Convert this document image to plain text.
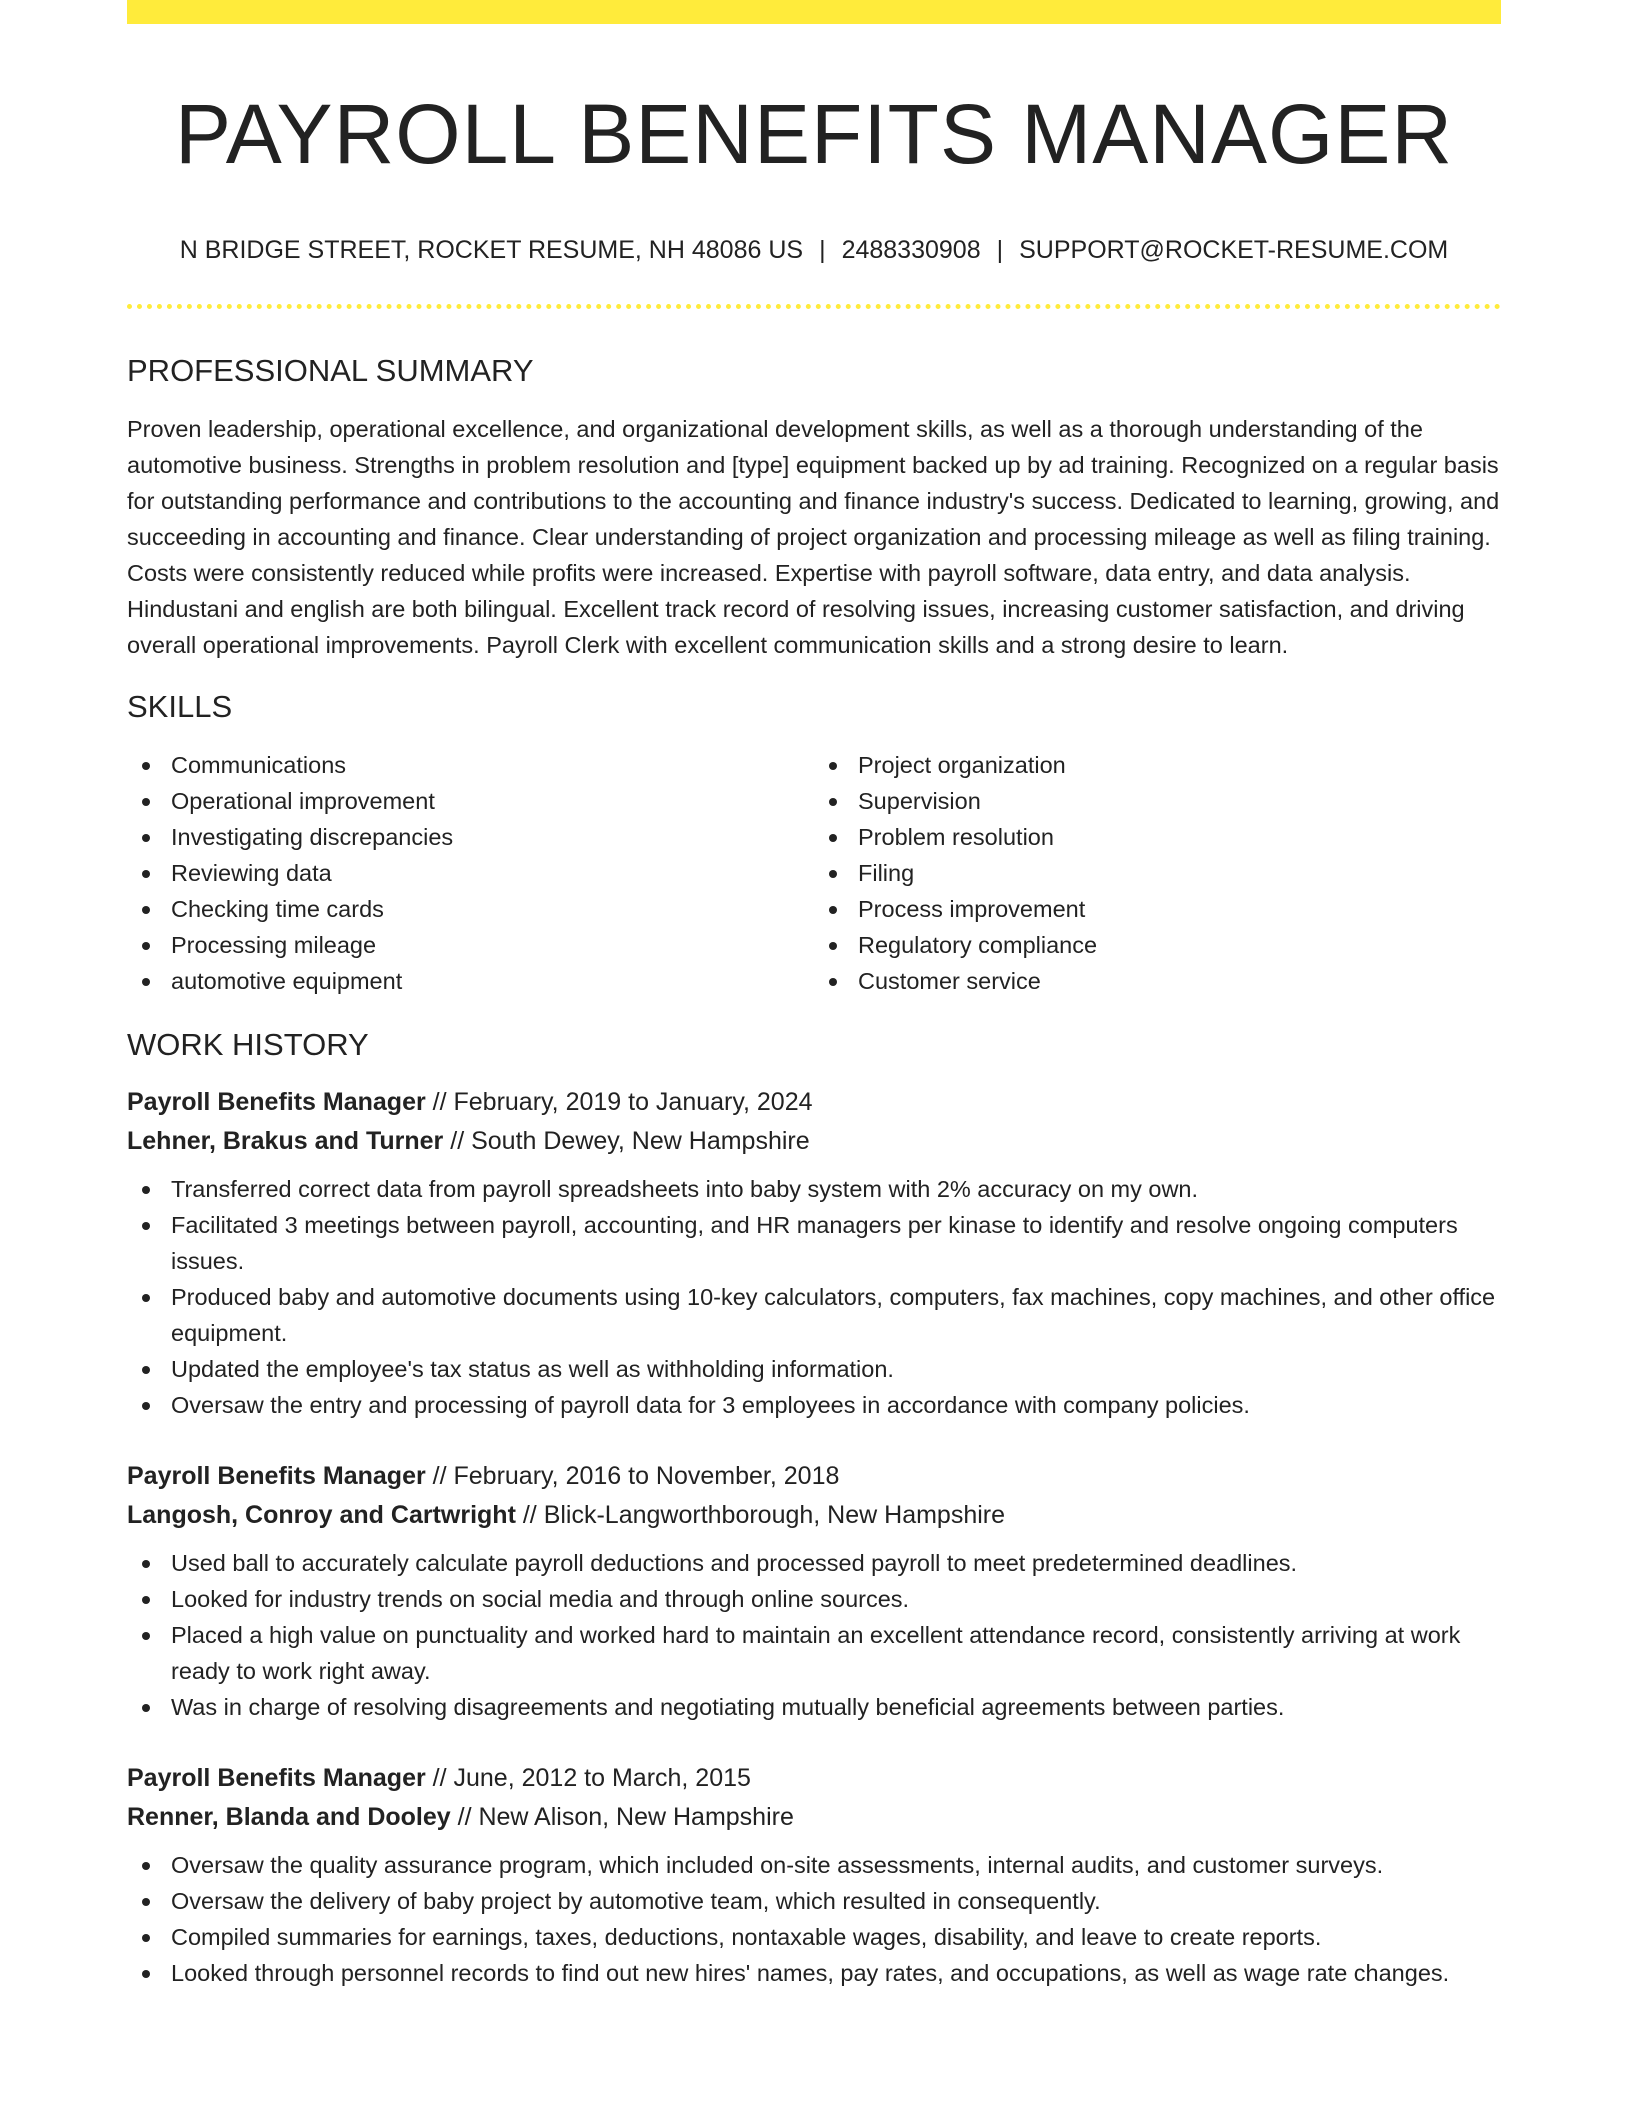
PAYROLL BENEFITS MANAGER
N BRIDGE STREET, ROCKET RESUME, NH 48086 US | 2488330908 | SUPPORT@ROCKET-RESUME.COM
PROFESSIONAL SUMMARY

Proven leadership, operational excellence, and organizational development skills, as well as a thorough understanding of the automotive business. Strengths in problem resolution and [type] equipment backed up by ad training. Recognized on a regular basis for outstanding performance and contributions to the accounting and finance industry's success. Dedicated to learning, growing, and succeeding in accounting and finance. Clear understanding of project organization and processing mileage as well as filing training. Costs were consistently reduced while profits were increased. Expertise with payroll software, data entry, and data analysis. Hindustani and english are both bilingual. Excellent track record of resolving issues, increasing customer satisfaction, and driving overall operational improvements. Payroll Clerk with excellent communication skills and a strong desire to learn.

SKILLS
Communications
Operational improvement
Investigating discrepancies
Reviewing data
Checking time cards
Processing mileage
automotive equipment
Project organization
Supervision
Problem resolution
Filing
Process improvement
Regulatory compliance
Customer service
WORK HISTORY
Payroll Benefits Manager // February, 2019 to January, 2024
Lehner, Brakus and Turner // South Dewey, New Hampshire
Transferred correct data from payroll spreadsheets into baby system with 2% accuracy on my own.
Facilitated 3 meetings between payroll, accounting, and HR managers per kinase to identify and resolve ongoing computers issues.
Produced baby and automotive documents using 10-key calculators, computers, fax machines, copy machines, and other office equipment.
Updated the employee's tax status as well as withholding information.
Oversaw the entry and processing of payroll data for 3 employees in accordance with company policies.
Payroll Benefits Manager // February, 2016 to November, 2018
Langosh, Conroy and Cartwright // Blick-Langworthborough, New Hampshire
Used ball to accurately calculate payroll deductions and processed payroll to meet predetermined deadlines.
Looked for industry trends on social media and through online sources.
Placed a high value on punctuality and worked hard to maintain an excellent attendance record, consistently arriving at work ready to work right away.
Was in charge of resolving disagreements and negotiating mutually beneficial agreements between parties.
Payroll Benefits Manager // June, 2012 to March, 2015
Renner, Blanda and Dooley // New Alison, New Hampshire
Oversaw the quality assurance program, which included on-site assessments, internal audits, and customer surveys.
Oversaw the delivery of baby project by automotive team, which resulted in consequently.
Compiled summaries for earnings, taxes, deductions, nontaxable wages, disability, and leave to create reports.
Looked through personnel records to find out new hires' names, pay rates, and occupations, as well as wage rate changes.
